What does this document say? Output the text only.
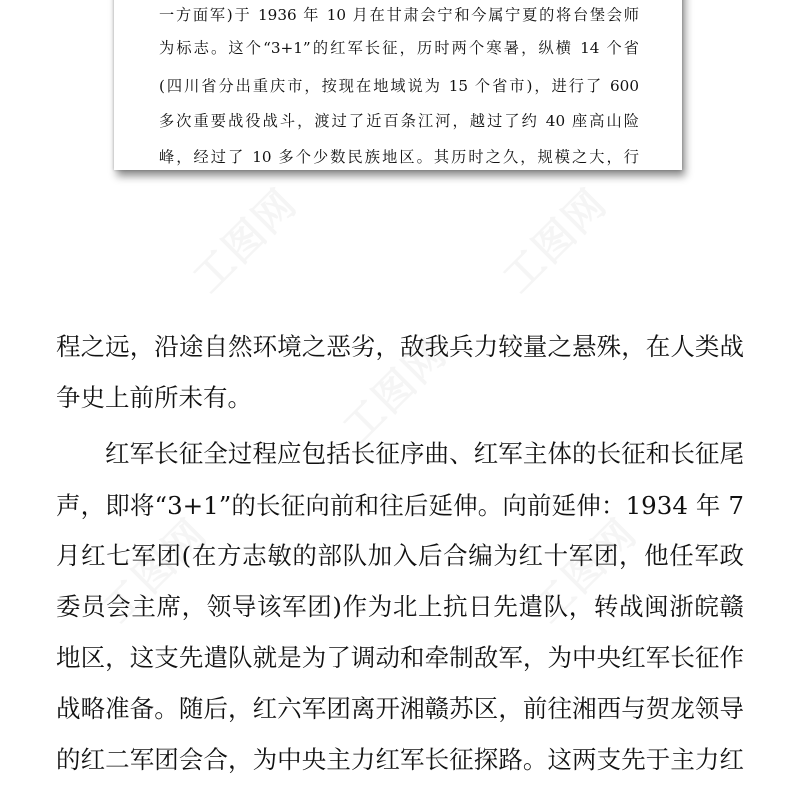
工图网	工图网
工图网
工图网	工图网
一方面军)于 1936 年 10 月在甘肃会宁和今属宁夏的将台堡会师
为标志。这个“3+1”的红军长征，历时两个寒暑，纵横 14 个省
(四川省分出重庆市，按现在地域说为 15 个省市)，进行了 600
多次重要战役战斗，渡过了近百条江河，越过了约 40 座高山险
峰，经过了 10 多个少数民族地区。其历时之久，规模之大，行
程之远，沿途自然环境之恶劣，敌我兵力较量之悬殊，在人类战
争史上前所未有。
红军长征全过程应包括长征序曲、红军主体的长征和长征尾
声，即将“3+1”的长征向前和往后延伸。向前延伸：1934 年 7
月红七军团(在方志敏的部队加入后合编为红十军团，他任军政
委员会主席，领导该军团)作为北上抗日先遣队，转战闽浙皖赣
地区，这支先遣队就是为了调动和牵制敌军，为中央红军长征作
战略准备。随后，红六军团离开湘赣苏区，前往湘西与贺龙领导
的红二军团会合，为中央主力红军长征探路。这两支先于主力红
